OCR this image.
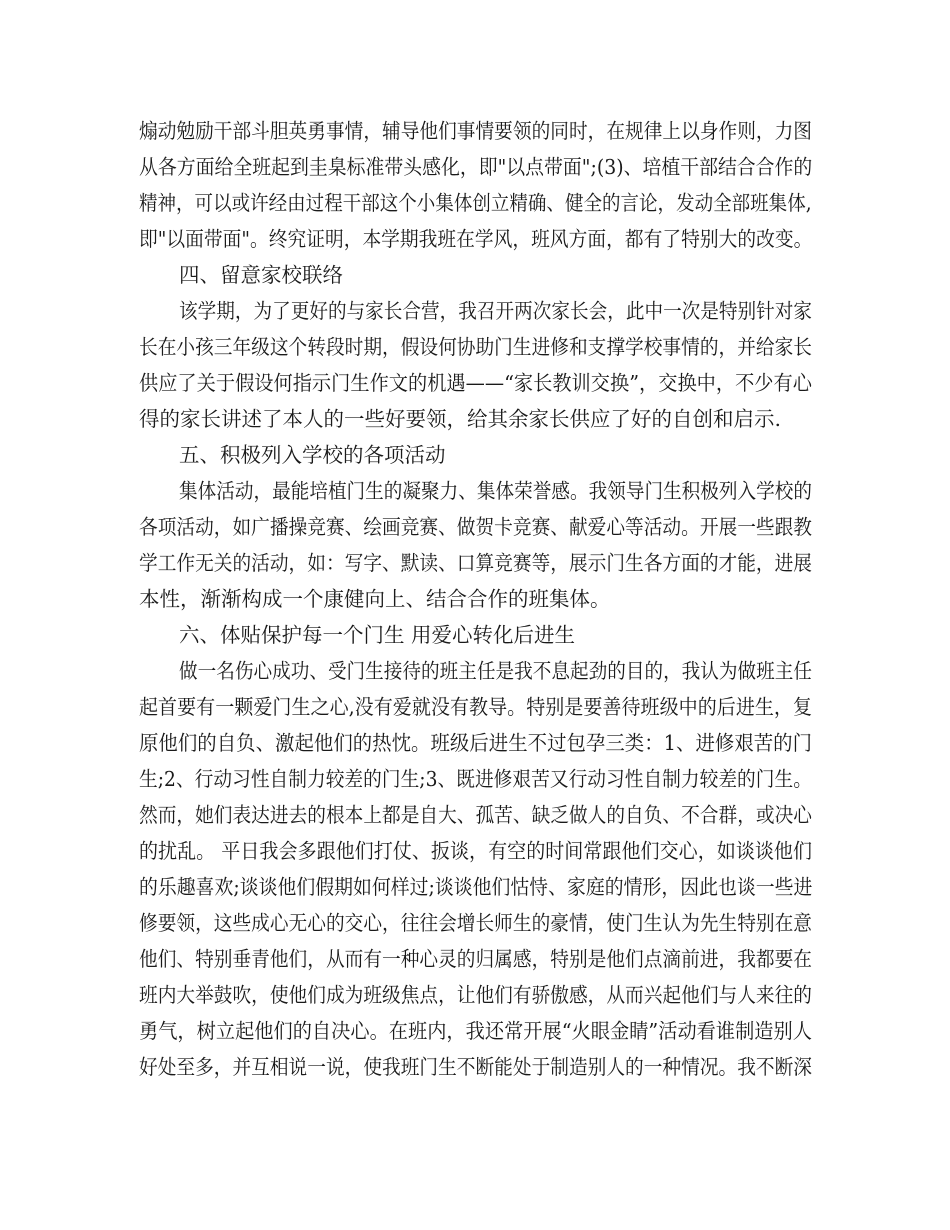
煽动勉励干部斗胆英勇事情，辅导他们事情要领的同时，在规律上以身作则，力图
从各方面给全班起到圭臬标准带头感化，即"以点带面";(3)、培植干部结合合作的
精神，可以或许经由过程干部这个小集体创立精确、健全的言论，发动全部班集体,
即"以面带面"。终究证明，本学期我班在学风，班风方面，都有了特别大的改变。
四、留意家校联络
该学期，为了更好的与家长合营，我召开两次家长会，此中一次是特别针对家
长在小孩三年级这个转段时期，假设何协助门生进修和支撑学校事情的，并给家长
供应了关于假设何指示门生作文的机遇——“家长教训交换”，交换中，不少有心
得的家长讲述了本人的一些好要领，给其余家长供应了好的自创和启示.
五、积极列入学校的各项活动
集体活动，最能培植门生的凝聚力、集体荣誉感。我领导门生积极列入学校的
各项活动，如广播操竞赛、绘画竞赛、做贺卡竞赛、献爱心等活动。开展一些跟教
学工作无关的活动，如：写字、默读、口算竞赛等，展示门生各方面的才能，进展
本性，渐渐构成一个康健向上、结合合作的班集体。
六、体贴保护每一个门生 用爱心转化后进生
做一名伤心成功、受门生接待的班主任是我不息起劲的目的，我认为做班主任
起首要有一颗爱门生之心,没有爱就没有教导。特别是要善待班级中的后进生，复
原他们的自负、激起他们的热忱。班级后进生不过包孕三类：1、进修艰苦的门
生;2、行动习性自制力较差的门生;3、既进修艰苦又行动习性自制力较差的门生。
然而，她们表达进去的根本上都是自大、孤苦、缺乏做人的自负、不合群，或决心
的扰乱。 平日我会多跟他们打仗、扳谈，有空的时间常跟他们交心，如谈谈他们
的乐趣喜欢;谈谈他们假期如何样过;谈谈他们怙恃、家庭的情形，因此也谈一些进
修要领，这些成心无心的交心，往往会增长师生的豪情，使门生认为先生特别在意
他们、特别垂青他们，从而有一种心灵的归属感，特别是他们点滴前进，我都要在
班内大举鼓吹，使他们成为班级焦点，让他们有骄傲感，从而兴起他们与人来往的
勇气，树立起他们的自决心。在班内，我还常开展“火眼金睛”活动看谁制造别人
好处至多，并互相说一说，使我班门生不断能处于制造别人的一种情况。我不断深
